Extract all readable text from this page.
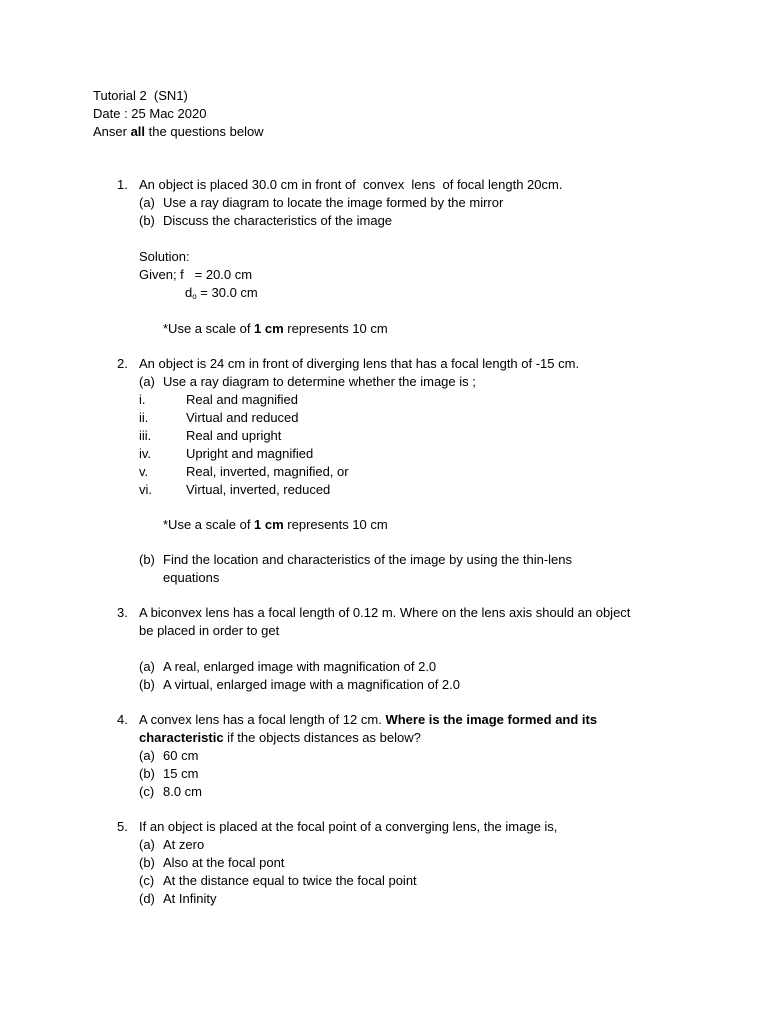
Tutorial 2  (SN1)
Date : 25 Mac 2020
Anser all the questions below
1. An object is placed 30.0 cm in front of  convex  lens  of focal length 20cm.
(a) Use a ray diagram to locate the image formed by the mirror
(b) Discuss the characteristics of the image
Solution:
Given; f   = 20.0 cm
$d_o = 30.0$ cm
*Use a scale of 1 cm represents 10 cm
2. An object is 24 cm in front of diverging lens that has a focal length of -15 cm.
(a) Use a ray diagram to determine whether the image is ;
i.	Real and magnified
ii.	Virtual and reduced
iii.	Real and upright
iv.	Upright and magnified
v.	Real, inverted, magnified, or
vi.	Virtual, inverted, reduced
*Use a scale of 1 cm represents 10 cm
(b) Find the location and characteristics of the image by using the thin-lens
equations
3. A biconvex lens has a focal length of 0.12 m. Where on the lens axis should an object
be placed in order to get
(a) A real, enlarged image with magnification of 2.0
(b) A virtual, enlarged image with a magnification of 2.0
4. A convex lens has a focal length of 12 cm. Where is the image formed and its
characteristic if the objects distances as below?
(a) 60 cm
(b) 15 cm
(c) 8.0 cm
5. If an object is placed at the focal point of a converging lens, the image is,
(a) At zero
(b) Also at the focal pont
(c) At the distance equal to twice the focal point
(d) At Infinity
